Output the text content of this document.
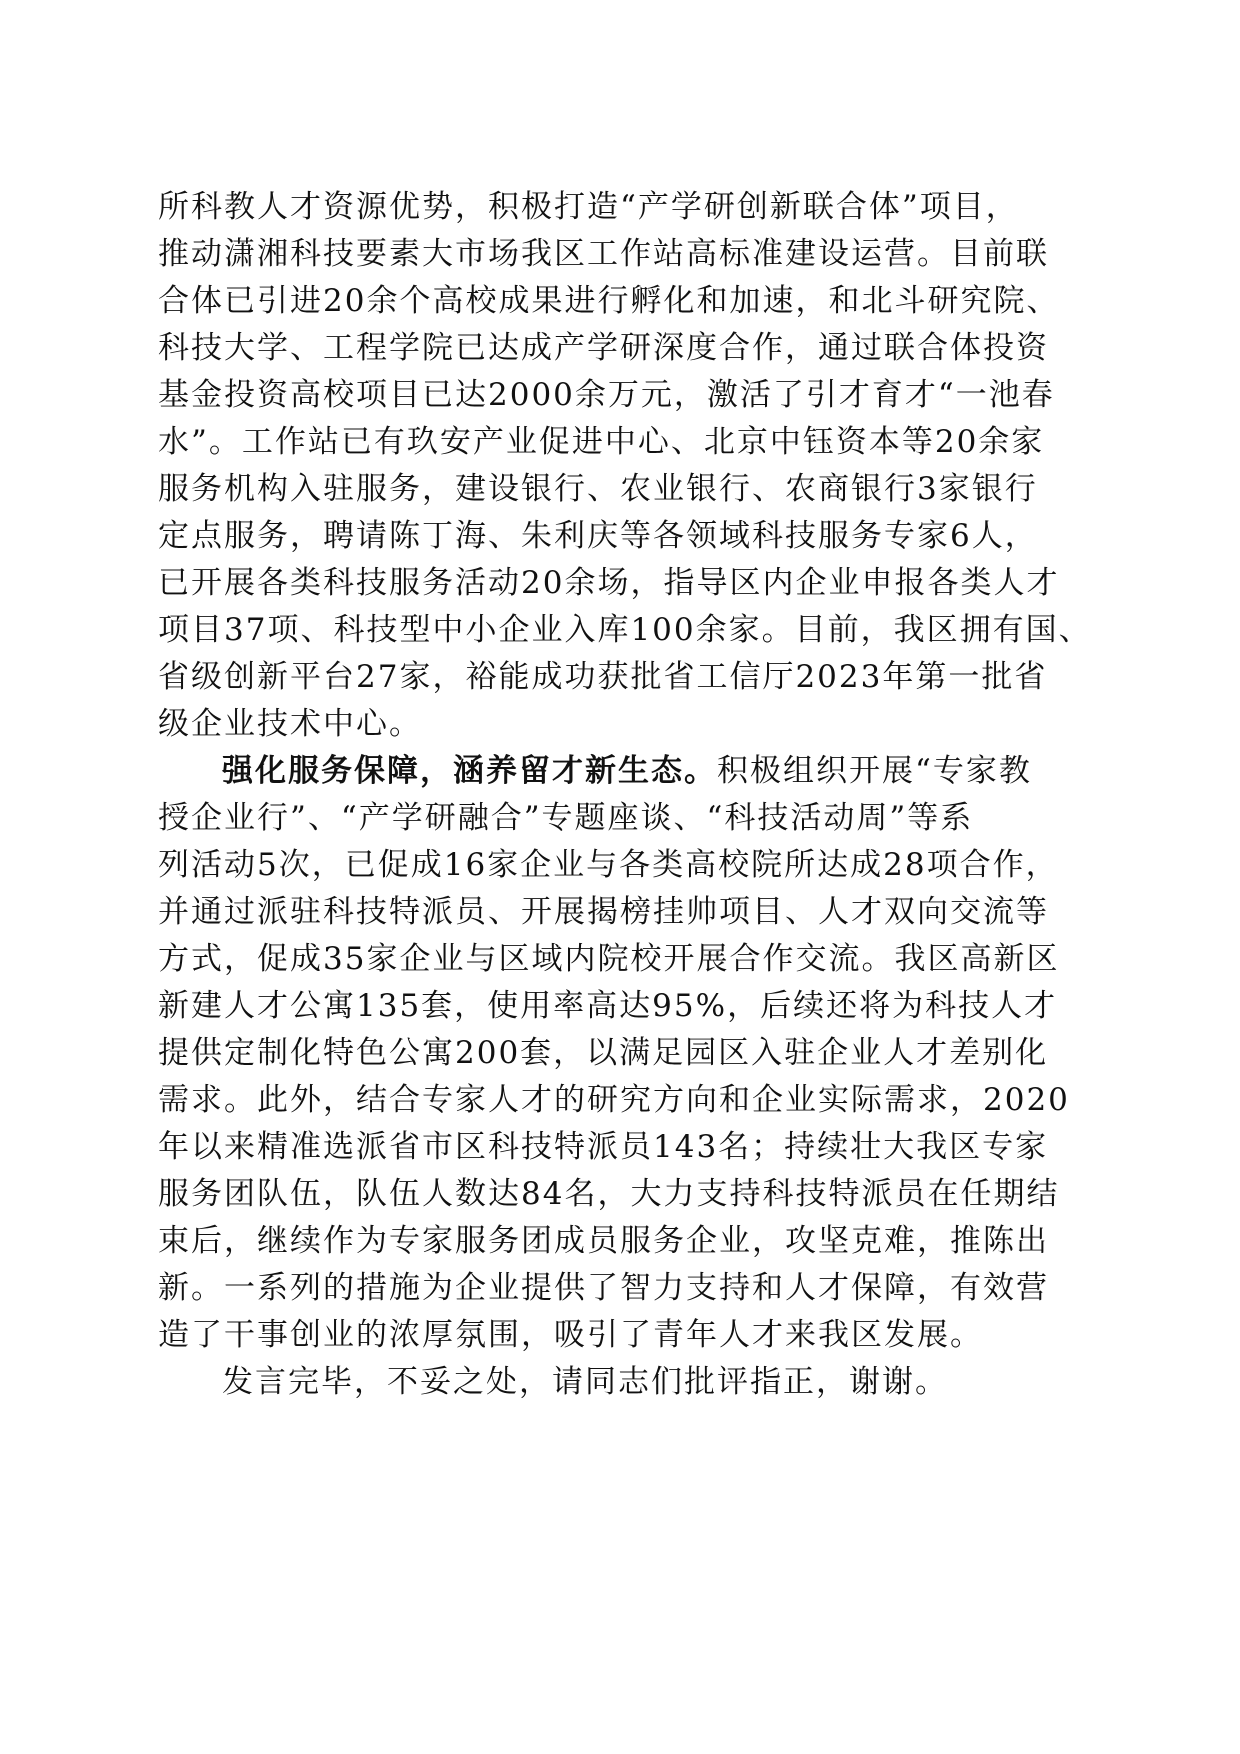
所科教人才资源优势，积极打造“产学研创新联合体”项目，
推动潇湘科技要素大市场我区工作站高标准建设运营。目前联
合体已引进20余个高校成果进行孵化和加速，和北斗研究院、
科技大学、工程学院已达成产学研深度合作，通过联合体投资
基金投资高校项目已达2000余万元，激活了引才育才“一池春
水”。工作站已有玖安产业促进中心、北京中钰资本等20余家
服务机构入驻服务，建设银行、农业银行、农商银行3家银行
定点服务，聘请陈丁海、朱利庆等各领域科技服务专家6人，
已开展各类科技服务活动20余场，指导区内企业申报各类人才
项目37项、科技型中小企业入库100余家。目前，我区拥有国、
省级创新平台27家，裕能成功获批省工信厅2023年第一批省
级企业技术中心。
强化服务保障，涵养留才新生态。积极组织开展“专家教
授企业行”、“产学研融合”专题座谈、“科技活动周”等系
列活动5次，已促成16家企业与各类高校院所达成28项合作，
并通过派驻科技特派员、开展揭榜挂帅项目、人才双向交流等
方式，促成35家企业与区域内院校开展合作交流。我区高新区
新建人才公寓135套，使用率高达95%，后续还将为科技人才
提供定制化特色公寓200套，以满足园区入驻企业人才差别化
需求。此外，结合专家人才的研究方向和企业实际需求，2020
年以来精准选派省市区科技特派员143名；持续壮大我区专家
服务团队伍，队伍人数达84名，大力支持科技特派员在任期结
束后，继续作为专家服务团成员服务企业，攻坚克难，推陈出
新。一系列的措施为企业提供了智力支持和人才保障，有效营
造了干事创业的浓厚氛围，吸引了青年人才来我区发展。
发言完毕，不妥之处，请同志们批评指正，谢谢。
